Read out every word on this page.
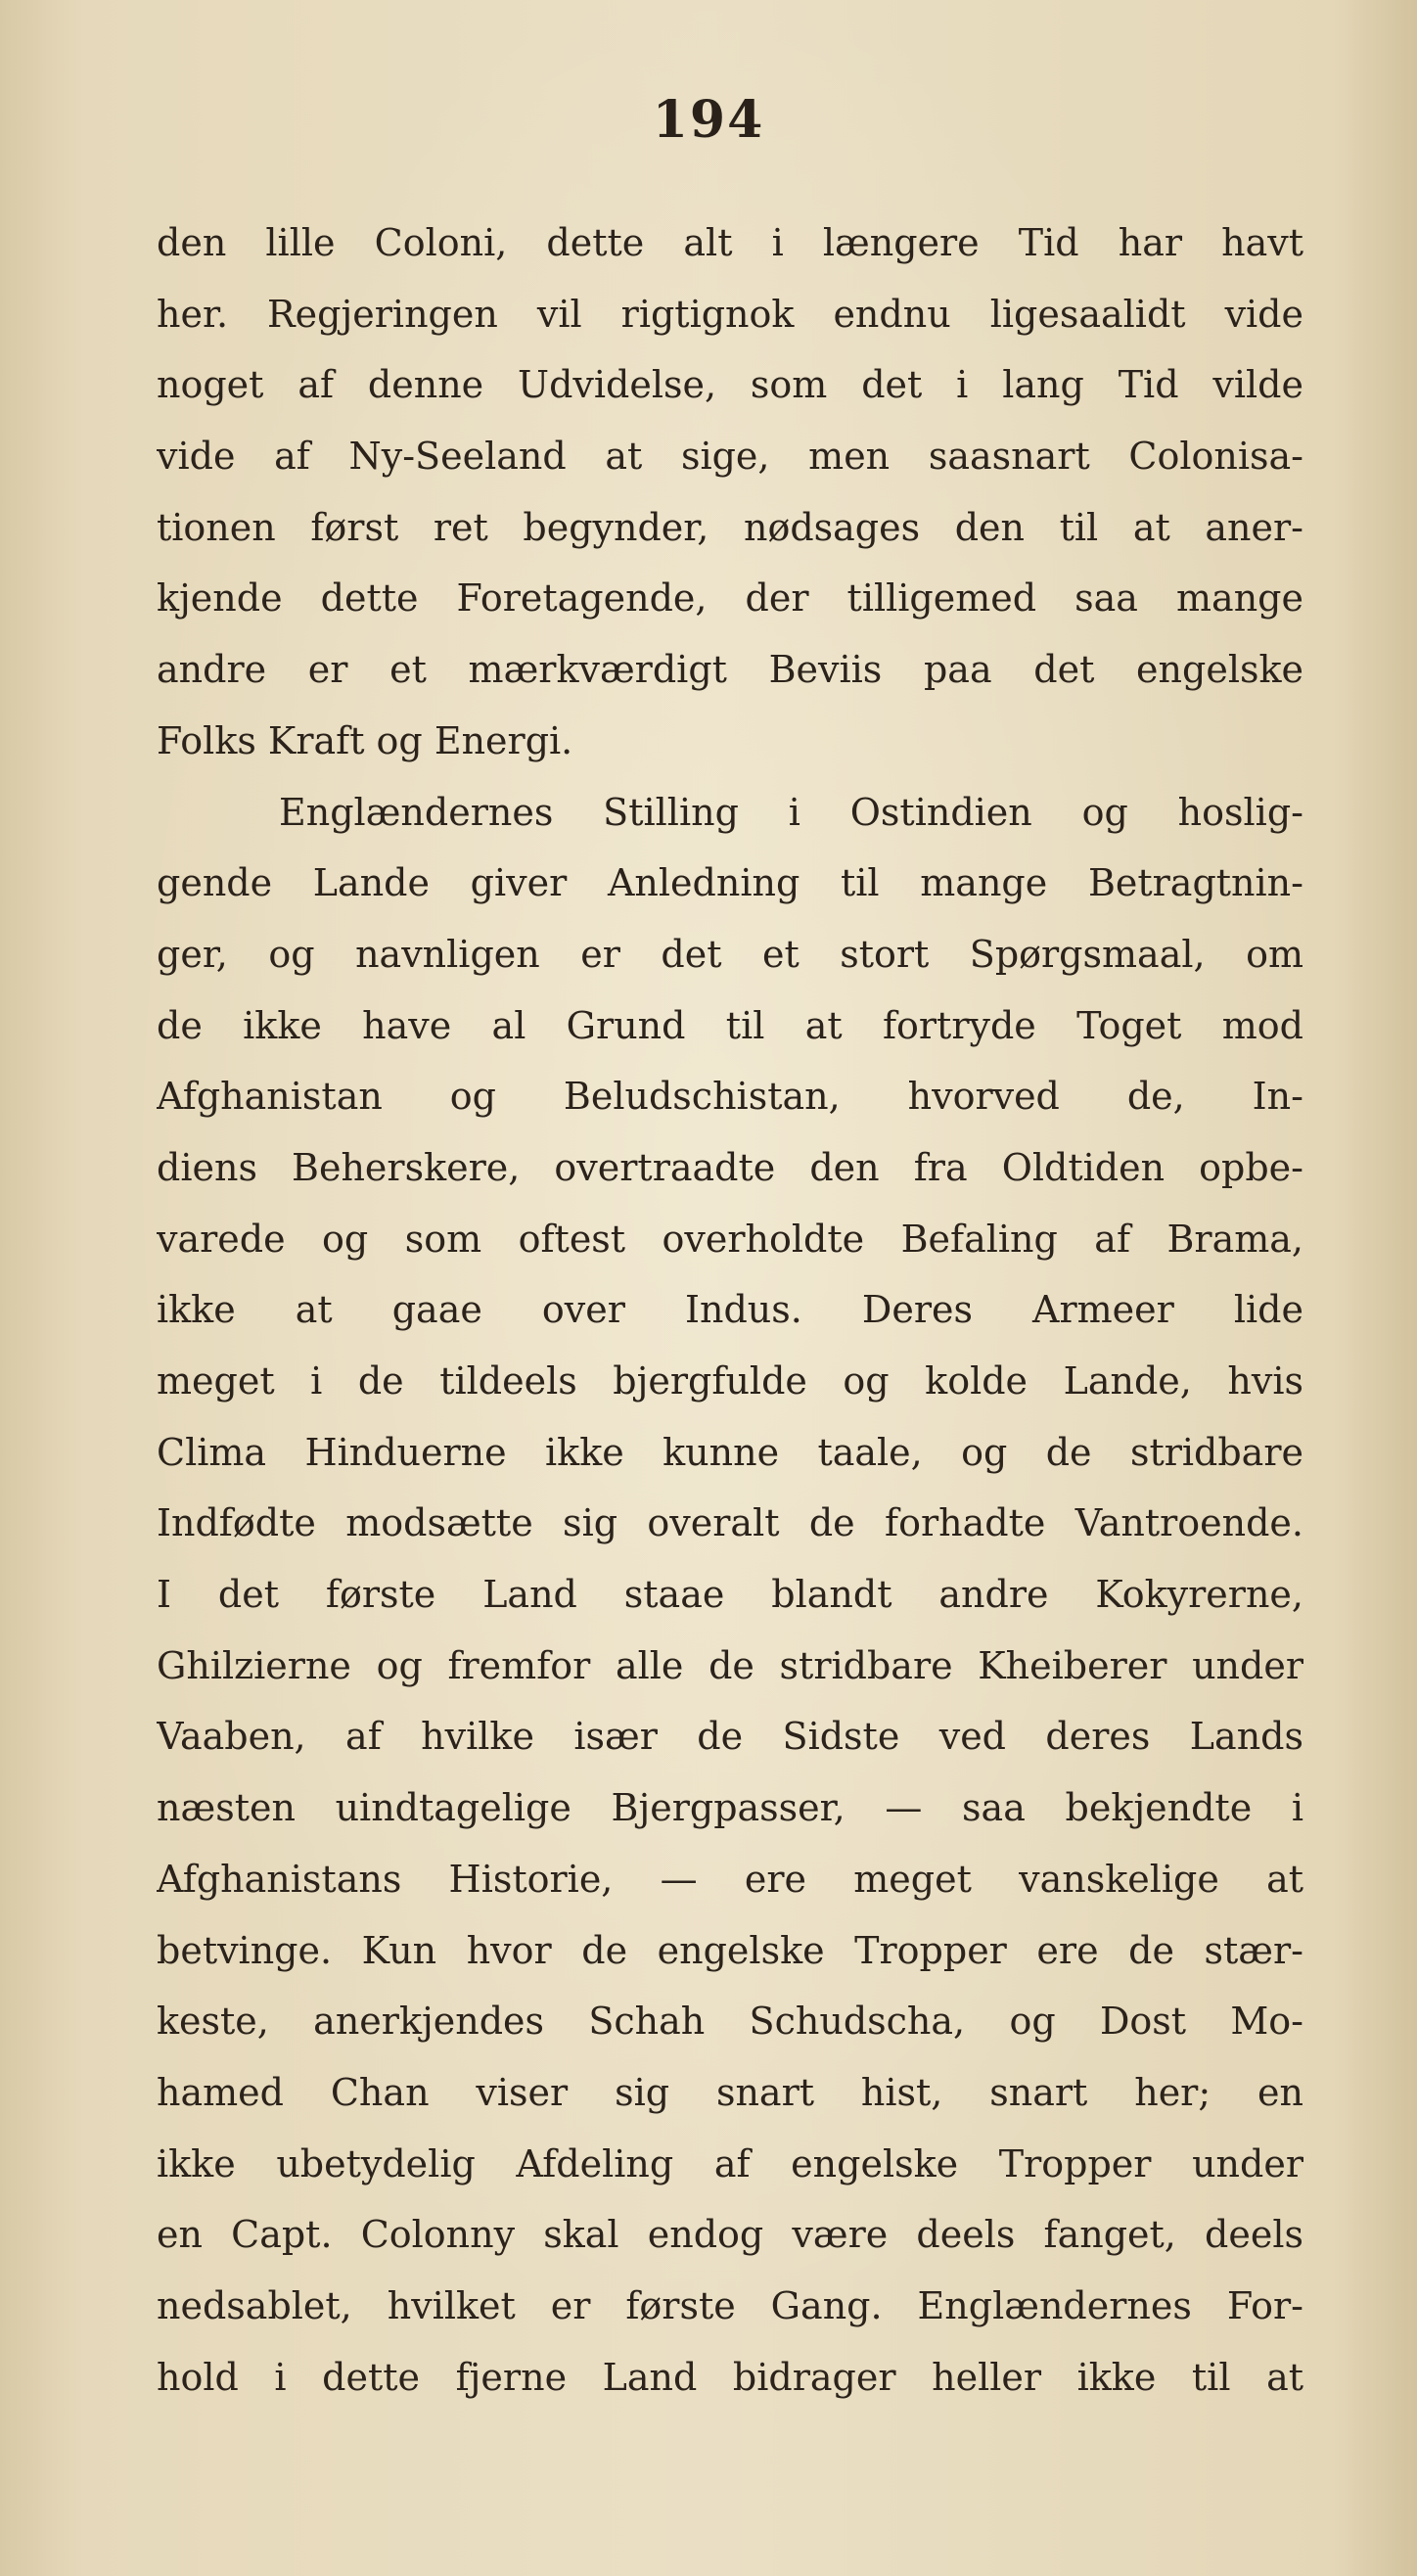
194
den lille Coloni, dette alt i længere Tid har havt
her. Regjeringen vil rigtignok endnu ligesaalidt vide
noget af denne Udvidelse, som det i lang Tid vilde
vide af Ny-Seeland at sige, men saasnart Colonisa-
tionen først ret begynder, nødsages den til at aner-
kjende dette Foretagende, der tilligemed saa mange
andre er et mærkværdigt Beviis paa det engelske
Folks Kraft og Energi.
Englændernes Stilling i Ostindien og hoslig-
gende Lande giver Anledning til mange Betragtnin-
ger, og navnligen er det et stort Spørgsmaal, om
de ikke have al Grund til at fortryde Toget mod
Afghanistan og Beludschistan, hvorved de, In-
diens Beherskere, overtraadte den fra Oldtiden opbe-
varede og som oftest overholdte Befaling af Brama,
ikke at gaae over Indus. Deres Armeer lide
meget i de tildeels bjergfulde og kolde Lande, hvis
Clima Hinduerne ikke kunne taale, og de stridbare
Indfødte modsætte sig overalt de forhadte Vantroende.
I det første Land staae blandt andre Kokyrerne,
Ghilzierne og fremfor alle de stridbare Kheiberer under
Vaaben, af hvilke især de Sidste ved deres Lands
næsten uindtagelige Bjergpasser, — saa bekjendte i
Afghanistans Historie, — ere meget vanskelige at
betvinge. Kun hvor de engelske Tropper ere de stær-
keste, anerkjendes Schah Schudscha, og Dost Mo-
hamed Chan viser sig snart hist, snart her; en
ikke ubetydelig Afdeling af engelske Tropper under
en Capt. Colonny skal endog være deels fanget, deels
nedsablet, hvilket er første Gang. Englændernes For-
hold i dette fjerne Land bidrager heller ikke til at
